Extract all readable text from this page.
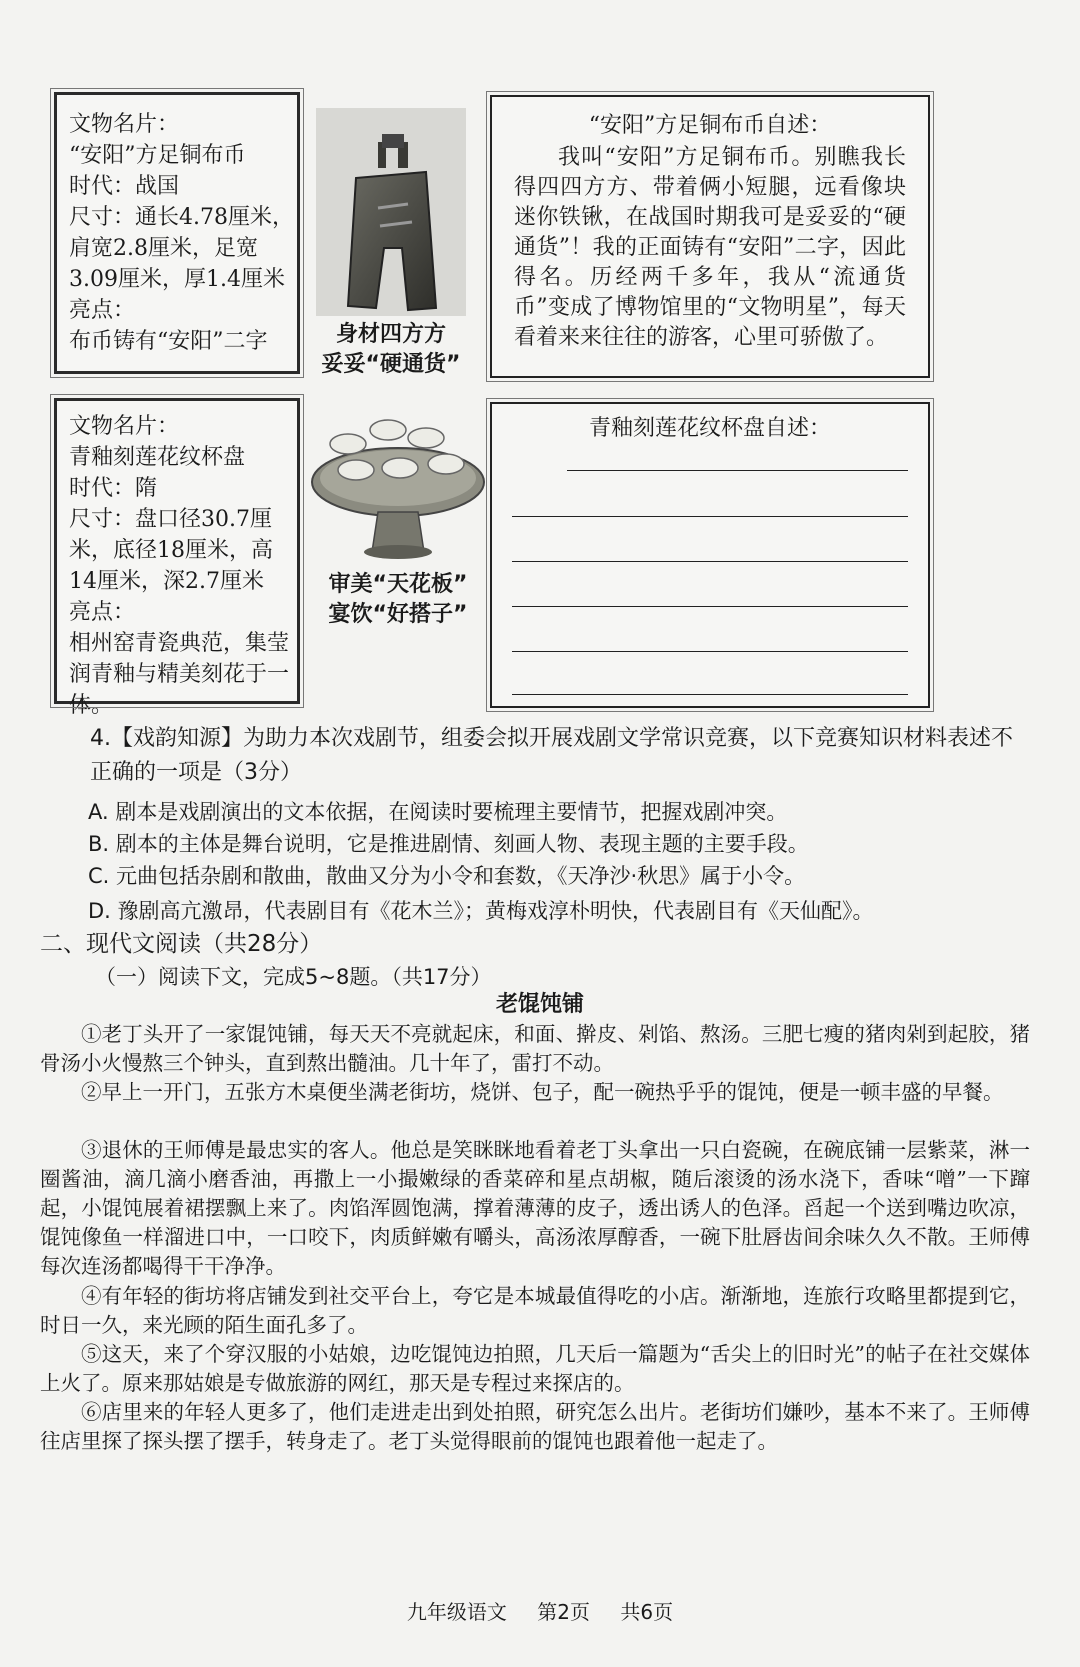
文物名片：
“安阳”方足铜布币
时代：战国
尺寸：通长4.78厘米，
肩宽2.8厘米，足宽
3.09厘米，厚1.4厘米
亮点：
布币铸有“安阳”二字	身材四方方
妥妥“硬通货”
“安阳”方足铜布币自述：
我叫“安阳”方足铜布币。别瞧我长得四四方方、带着俩小短腿，远看像块迷你铁锹，在战国时期我可是妥妥的“硬通货”！我的正面铸有“安阳”二字，因此得名。历经两千多年，我从“流通货币”变成了博物馆里的“文物明星”，每天看着来来往往的游客，心里可骄傲了。
文物名片：
青釉刻莲花纹杯盘
时代：隋
尺寸：盘口径30.7厘
米，底径18厘米，高
14厘米，深2.7厘米
亮点：
相州窑青瓷典范，集莹
润青釉与精美刻花于一
体。
审美“天花板”
宴饮“好搭子”
青釉刻莲花纹杯盘自述：
4.【戏韵知源】为助力本次戏剧节，组委会拟开展戏剧文学常识竞赛，以下竞赛知识材料表述不正确的一项是（3分）
A. 剧本是戏剧演出的文本依据，在阅读时要梳理主要情节，把握戏剧冲突。
B. 剧本的主体是舞台说明，它是推进剧情、刻画人物、表现主题的主要手段。
C. 元曲包括杂剧和散曲，散曲又分为小令和套数，《天净沙·秋思》属于小令。
D. 豫剧高亢激昂，代表剧目有《花木兰》；黄梅戏淳朴明快，代表剧目有《天仙配》。
二、现代文阅读（共28分）
（一）阅读下文，完成5~8题。（共17分）
老馄饨铺
①老丁头开了一家馄饨铺，每天天不亮就起床，和面、擀皮、剁馅、熬汤。三肥七瘦的猪肉剁到起胶，猪骨汤小火慢熬三个钟头，直到熬出髓油。几十年了，雷打不动。
②早上一开门，五张方木桌便坐满老街坊，烧饼、包子，配一碗热乎乎的馄饨，便是一顿丰盛的早餐。
③退休的王师傅是最忠实的客人。他总是笑眯眯地看着老丁头拿出一只白瓷碗，在碗底铺一层紫菜，淋一圈酱油，滴几滴小磨香油，再撒上一小撮嫩绿的香菜碎和星点胡椒，随后滚烫的汤水浇下，香味“噌”一下蹿起，小馄饨展着裙摆飘上来了。肉馅浑圆饱满，撑着薄薄的皮子，透出诱人的色泽。舀起一个送到嘴边吹凉，馄饨像鱼一样溜进口中，一口咬下，肉质鲜嫩有嚼头，高汤浓厚醇香，一碗下肚唇齿间余味久久不散。王师傅每次连汤都喝得干干净净。
④有年轻的街坊将店铺发到社交平台上，夸它是本城最值得吃的小店。渐渐地，连旅行攻略里都提到它，时日一久，来光顾的陌生面孔多了。
⑤这天，来了个穿汉服的小姑娘，边吃馄饨边拍照，几天后一篇题为“舌尖上的旧时光”的帖子在社交媒体上火了。原来那姑娘是专做旅游的网红，那天是专程过来探店的。
⑥店里来的年轻人更多了，他们走进走出到处拍照，研究怎么出片。老街坊们嫌吵，基本不来了。王师傅往店里探了探头摆了摆手，转身走了。老丁头觉得眼前的馄饨也跟着他一起走了。
九年级语文 第2页 共6页
